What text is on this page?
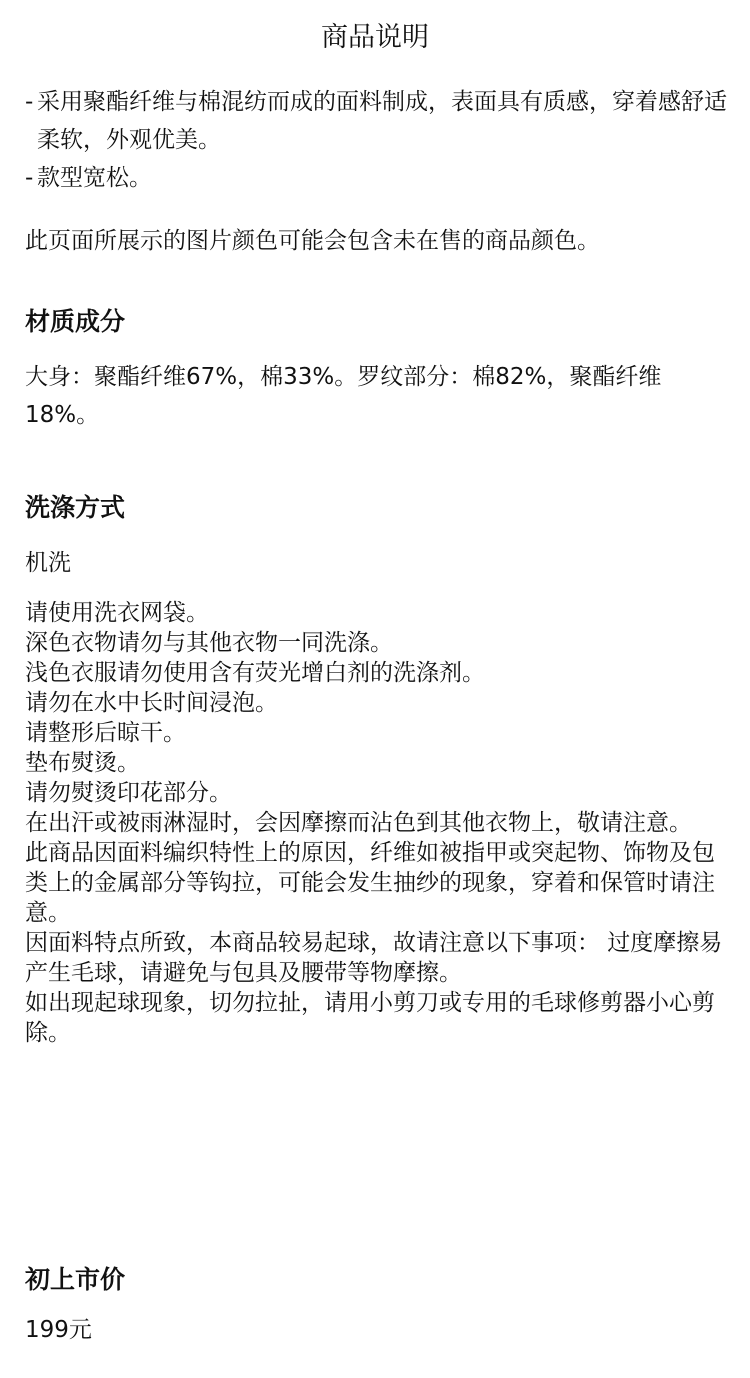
商品说明
- 采用聚酯纤维与棉混纺而成的面料制成，表面具有质感，穿着感舒适柔软，外观优美。
- 款型宽松。
此页面所展示的图片颜色可能会包含未在售的商品颜色。
材质成分
大身：聚酯纤维67%，棉33%。罗纹部分：棉82%，聚酯纤维18%。
洗涤方式
机洗
请使用洗衣网袋。
深色衣物请勿与其他衣物一同洗涤。
浅色衣服请勿使用含有荧光增白剂的洗涤剂。
请勿在水中长时间浸泡。
请整形后晾干。
垫布熨烫。
请勿熨烫印花部分。
在出汗或被雨淋湿时，会因摩擦而沾色到其他衣物上，敬请注意。
此商品因面料编织特性上的原因，纤维如被指甲或突起物、饰物及包类上的金属部分等钩拉，可能会发生抽纱的现象，穿着和保管时请注意。
因面料特点所致，本商品较易起球，故请注意以下事项： 过度摩擦易产生毛球，请避免与包具及腰带等物摩擦。
如出现起球现象，切勿拉扯，请用小剪刀或专用的毛球修剪器小心剪除。
初上市价
199元
